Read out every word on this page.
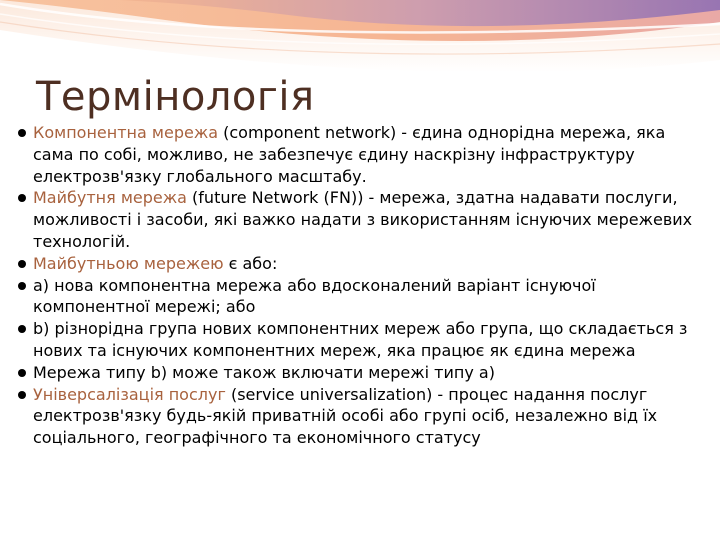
Термінологія
Компонентна мережа (component network) - єдина однорідна мережа, яка сама по собі, можливо, не забезпечує єдину наскрізну інфраструктуру електрозв'язку глобального масштабу.
Майбутня мережа (future Network (FN)) - мережа, здатна надавати послуги, можливості і засоби, які важко надати з використанням існуючих мережевих технологій.
Майбутньою мережею є або:
а) нова компонентна мережа або вдосконалений варіант існуючої компонентної мережі; або
b) різнорідна група нових компонентних мереж або група, що складається з нових та існуючих компонентних мереж, яка працює як єдина мережа
Мережа типу b) може також включати мережі типу а)
Універсалізація послуг (service universalization) - процес надання послуг електрозв'язку будь-якій приватній особі або групі осіб, незалежно від їх соціального, географічного та економічного статусу
